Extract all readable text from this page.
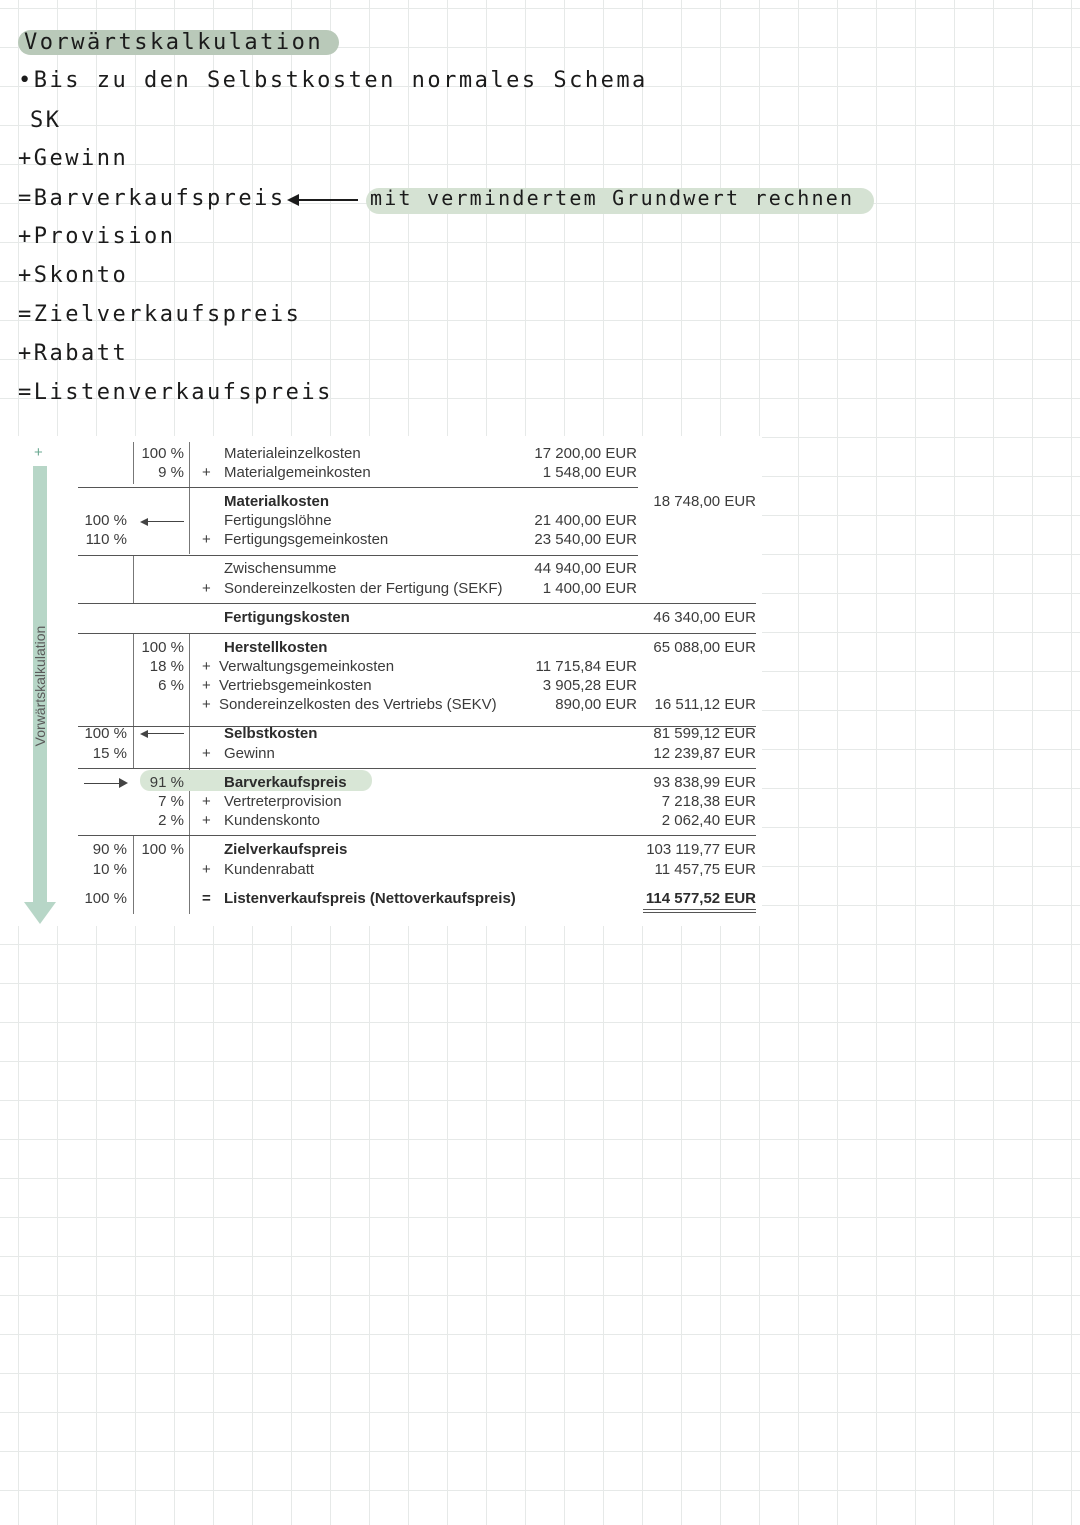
Vorwärtskalkulation

•Bis zu den Selbstkosten normales Schema

SK

+Gewinn

=Barverkaufspreis	mit vermindertem Grundwert rechnen

+Provision

+Skonto

=Zielverkaufspreis

+Rabatt

=Listenverkaufspreis

+
Vorwärtskalkulation
100 %	Materialeinzelkosten	17 200,00 EUR
9 % + Materialgemeinkosten	1 548,00 EUR
Materialkosten	18 748,00 EUR
100 %	Fertigungslöhne	21 400,00 EUR
110 %	+ Fertigungsgemeinkosten	23 540,00 EUR
Zwischensumme	44 940,00 EUR
+ Sondereinzelkosten der Fertigung (SEKF)	1 400,00 EUR
Fertigungskosten	46 340,00 EUR
100 %	Herstellkosten	65 088,00 EUR
18 % + Verwaltungsgemeinkosten	11 715,84 EUR
6 % + Vertriebsgemeinkosten	3 905,28 EUR
+ Sondereinzelkosten des Vertriebs (SEKV)	890,00 EUR	16 511,12 EUR
100 %	Selbstkosten	81 599,12 EUR
15 %	+ Gewinn	12 239,87 EUR
91 %	Barverkaufspreis	93 838,99 EUR
7 % + Vertreterprovision	7 218,38 EUR
2 % + Kundenskonto	2 062,40 EUR
90 % 100 %	Zielverkaufspreis	103 119,77 EUR
10 %	+ Kundenrabatt	11 457,75 EUR
100 %	= Listenverkaufspreis (Nettoverkaufspreis)	114 577,52 EUR
